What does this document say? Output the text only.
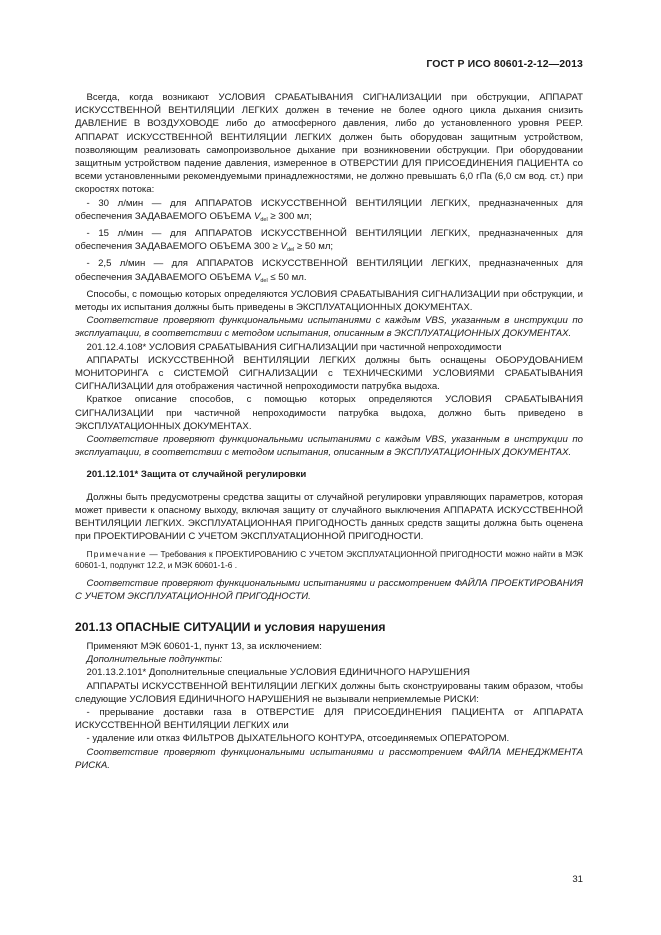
ГОСТ Р ИСО 80601-2-12—2013

Всегда, когда возникают УСЛОВИЯ СРАБАТЫВАНИЯ СИГНАЛИЗАЦИИ при обструкции, АППАРАТ ИСКУССТВЕННОЙ ВЕНТИЛЯЦИИ ЛЕГКИХ должен в течение не более одного цикла дыхания снизить ДАВЛЕНИЕ В ВОЗДУХОВОДЕ либо до атмосферного давления, либо до установленного уровня PEEP. АППАРАТ ИСКУССТВЕННОЙ ВЕНТИЛЯЦИИ ЛЕГКИХ должен быть оборудован защитным устройством, позволяющим реализовать самопроизвольное дыхание при возникновении обструкции. При оборудовании защитным устройством падение давления, измеренное в ОТВЕРСТИИ ДЛЯ ПРИСОЕДИНЕНИЯ ПАЦИЕНТА со всеми установленными рекомендуемыми принадлежностями, не должно превышать 6,0 гПа (6,0 см вод. ст.) при скоростях потока:

- 30 л/мин — для АППАРАТОВ ИСКУССТВЕННОЙ ВЕНТИЛЯЦИИ ЛЕГКИХ, предназначенных для обеспечения ЗАДАВАЕМОГО ОБЪЕМА $V_{del} \ge 300$ мл;

- 15 л/мин — для АППАРАТОВ ИСКУССТВЕННОЙ ВЕНТИЛЯЦИИ ЛЕГКИХ, предназначенных для обеспечения ЗАДАВАЕМОГО ОБЪЕМА $300 \ge V_{del} \ge 50$ мл;

- 2,5 л/мин — для АППАРАТОВ ИСКУССТВЕННОЙ ВЕНТИЛЯЦИИ ЛЕГКИХ, предназначенных для обеспечения ЗАДАВАЕМОГО ОБЪЕМА $V_{del} \le 50$ мл.

Способы, с помощью которых определяются УСЛОВИЯ СРАБАТЫВАНИЯ СИГНАЛИЗАЦИИ при обструкции, и методы их испытания должны быть приведены в ЭКСПЛУАТАЦИОННЫХ ДОКУМЕНТАХ.

Соответствие проверяют функциональными испытаниями с каждым VBS, указанным в инструкции по эксплуатации, в соответствии с методом испытания, описанным в ЭКСПЛУАТАЦИОННЫХ ДОКУМЕНТАХ.

201.12.4.108* УСЛОВИЯ СРАБАТЫВАНИЯ СИГНАЛИЗАЦИИ при частичной непроходимости

АППАРАТЫ ИСКУССТВЕННОЙ ВЕНТИЛЯЦИИ ЛЕГКИХ должны быть оснащены ОБОРУДОВАНИЕМ МОНИТОРИНГА с СИСТЕМОЙ СИГНАЛИЗАЦИИ с ТЕХНИЧЕСКИМИ УСЛОВИЯМИ СРАБАТЫВАНИЯ СИГНАЛИЗАЦИИ для отображения частичной непроходимости патрубка выдоха.

Краткое описание способов, с помощью которых определяются УСЛОВИЯ СРАБАТЫВАНИЯ СИГНАЛИЗАЦИИ при частичной непроходимости патрубка выдоха, должно быть приведено в ЭКСПЛУАТАЦИОННЫХ ДОКУМЕНТАХ.

Соответствие проверяют функциональными испытаниями с каждым VBS, указанным в инструкции по эксплуатации, в соответствии с методом испытания, описанным в ЭКСПЛУАТАЦИОННЫХ ДОКУМЕНТАХ.

201.12.101* Защита от случайной регулировки

Должны быть предусмотрены средства защиты от случайной регулировки управляющих параметров, которая может привести к опасному выходу, включая защиту от случайного выключения АППАРАТА ИСКУССТВЕННОЙ ВЕНТИЛЯЦИИ ЛЕГКИХ. ЭКСПЛУАТАЦИОННАЯ ПРИГОДНОСТЬ данных средств защиты должна быть оценена при ПРОЕКТИРОВАНИИ С УЧЕТОМ ЭКСПЛУАТАЦИОННОЙ ПРИГОДНОСТИ.

Примечание — Требования к ПРОЕКТИРОВАНИЮ С УЧЕТОМ ЭКСПЛУАТАЦИОННОЙ ПРИГОДНОСТИ можно найти в МЭК 60601-1, подпункт 12.2, и МЭК 60601-1-6 .

Соответствие проверяют функциональными испытаниями и рассмотрением ФАЙЛА ПРОЕКТИРОВАНИЯ С УЧЕТОМ ЭКСПЛУАТАЦИОННОЙ ПРИГОДНОСТИ.

201.13 ОПАСНЫЕ СИТУАЦИИ и условия нарушения

Применяют МЭК 60601-1, пункт 13, за исключением:

Дополнительные подпункты:

201.13.2.101* Дополнительные специальные УСЛОВИЯ ЕДИНИЧНОГО НАРУШЕНИЯ

АППАРАТЫ ИСКУССТВЕННОЙ ВЕНТИЛЯЦИИ ЛЕГКИХ должны быть сконструированы таким образом, чтобы следующие УСЛОВИЯ ЕДИНИЧНОГО НАРУШЕНИЯ не вызывали неприемлемые РИСКИ:

- прерывание доставки газа в ОТВЕРСТИЕ ДЛЯ ПРИСОЕДИНЕНИЯ ПАЦИЕНТА от АППАРАТА ИСКУССТВЕННОЙ ВЕНТИЛЯЦИИ ЛЕГКИХ или

- удаление или отказ ФИЛЬТРОВ ДЫХАТЕЛЬНОГО КОНТУРА, отсоединяемых ОПЕРАТОРОМ.

Соответствие проверяют функциональными испытаниями и рассмотрением ФАЙЛА МЕНЕДЖМЕНТА РИСКА.

31
